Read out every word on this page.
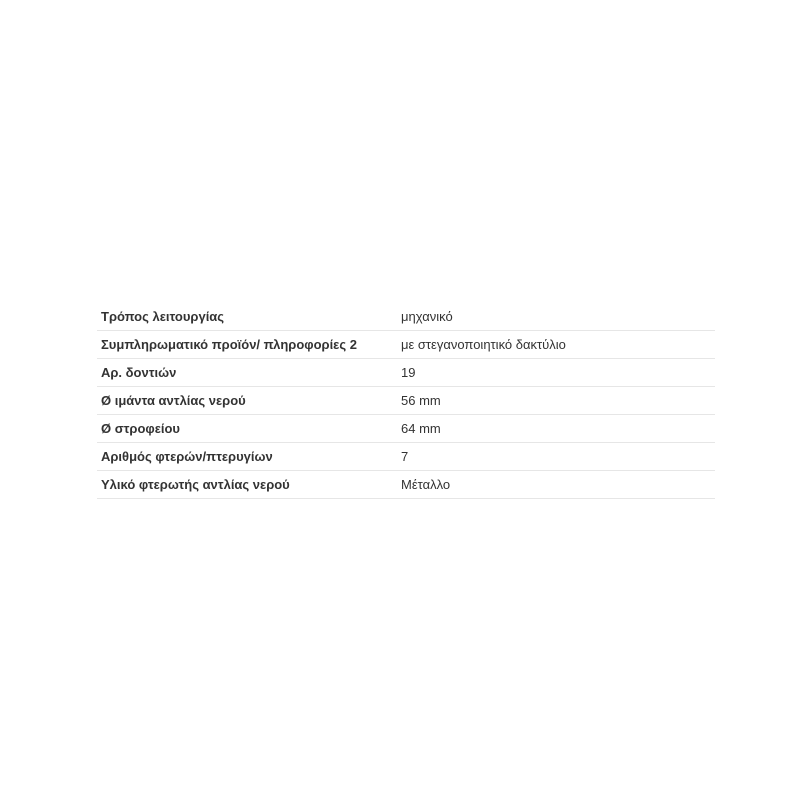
Τρόπος λειτουργίας	μηχανικό
Συμπληρωματικό προϊόν/ πληροφορίες 2	με στεγανοποιητικό δακτύλιο
Αρ. δοντιών	19
Ø ιμάντα αντλίας νερού	56 mm
Ø στροφείου	64 mm
Αριθμός φτερών/πτερυγίων	7
Υλικό φτερωτής αντλίας νερού	Μέταλλο
